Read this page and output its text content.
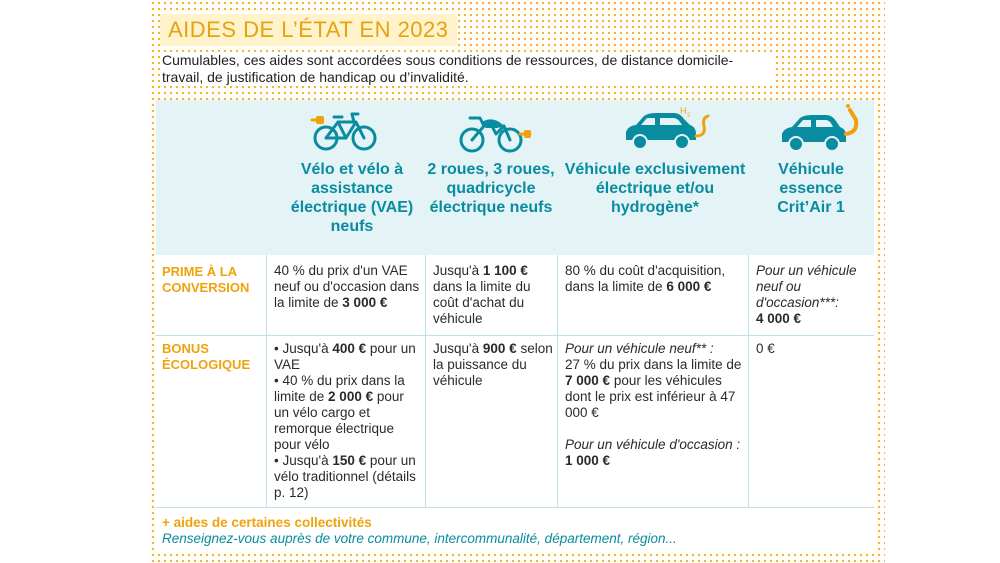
AIDES DE L’ÉTAT EN 2023
Cumulables, ces aides sont accordées sous conditions de ressources, de distance domicile-travail, de justification de handicap ou d’invalidité.
H 2
Vélo et vélo à assistance électrique (VAE) neufs
2 roues, 3 roues, quadricycle électrique neufs
Véhicule exclusivement électrique et/ou hydrogène*
Véhicule essence Crit’Air 1
PRIME À LA CONVERSION
40 % du prix d'un VAE neuf ou d'occasion dans la limite de 3 000 €
Jusqu'à 1 100 € dans la limite du coût d'achat du véhicule
80 % du coût d'acquisition, dans la limite de 6 000 €
Pour un véhicule neuf ou d'occasion***:
4 000 €
BONUS ÉCOLOGIQUE
• Jusqu'à 400 € pour un VAE
• 40 % du prix dans la limite de 2 000 € pour un vélo cargo et remorque électrique pour vélo
• Jusqu'à 150 € pour un vélo traditionnel (détails p. 12)
Jusqu'à 900 € selon la puissance du véhicule
Pour un véhicule neuf** :
27 % du prix dans la limite de 7 000 € pour les véhicules dont le prix est inférieur à 47 000 €
Pour un véhicule d'occasion :
1 000 €
0 €
+ aides de certaines collectivités
Renseignez-vous auprès de votre commune, intercommunalité, département, région...
